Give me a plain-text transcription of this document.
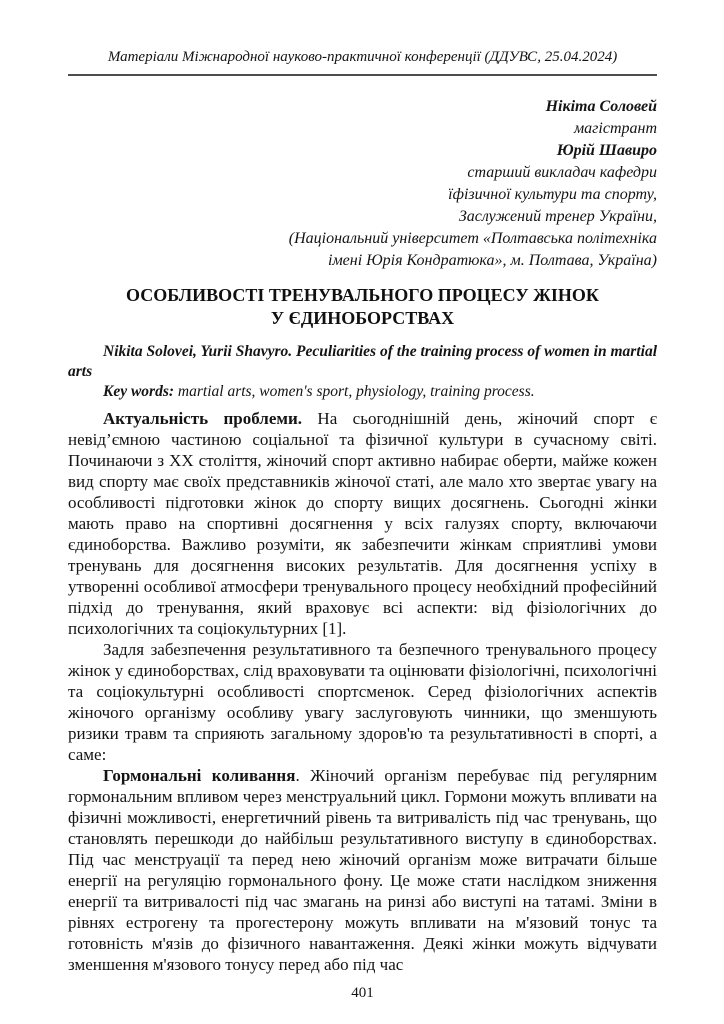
Матеріали Міжнародної науково-практичної конференції (ДДУВС, 25.04.2024)
Нікіта Соловей
магістрант
Юрій Шавиро
старший викладач кафедри
їфізичної культури та спорту,
Заслужений тренер України,
(Національний університет «Полтавська політехніка
імені Юрія Кондратюка», м. Полтава, Україна)
ОСОБЛИВОСТІ ТРЕНУВАЛЬНОГО ПРОЦЕСУ ЖІНОК
У ЄДИНОБОРСТВАХ

Nikita Solovei, Yurii Shavyro. Peculiarities of the training process of women in martial arts

Key words: martial arts, women's sport, physiology, training process.

Актуальність проблеми. На сьогоднішній день, жіночий спорт є невід’ємною частиною соціальної та фізичної культури в сучасному світі. Починаючи з ХХ століття, жіночий спорт активно набирає оберти, майже кожен вид спорту має своїх представників жіночої статі, але мало хто звертає увагу на особливості підготовки жінок до спорту вищих досягнень. Сьогодні жінки мають право на спортивні досягнення у всіх галузях спорту, включаючи єдиноборства. Важливо розуміти, як забезпечити жінкам сприятливі умови тренувань для досягнення високих результатів. Для досягнення успіху в утворенні особливої атмосфери тренувального процесу необхідний професійний підхід до тренування, який враховує всі аспекти: від фізіологічних до психологічних та соціокультурних [1].

Задля забезпечення результативного та безпечного тренувального процесу жінок у єдиноборствах, слід враховувати та оцінювати фізіологічні, психологічні та соціокультурні особливості спортсменок. Серед фізіологічних аспектів жіночого організму особливу увагу заслуговують чинники, що зменшують ризики травм та сприяють загальному здоров'ю та результативності в спорті, а саме:

Гормональні коливання. Жіночий організм перебуває під регулярним гормональним впливом через менструальний цикл. Гормони можуть впливати на фізичні можливості, енергетичний рівень та витривалість під час тренувань, що становлять перешкоди до найбільш результативного виступу в єдиноборствах. Під час менструації та перед нею жіночий організм може витрачати більше енергії на регуляцію гормонального фону. Це може стати наслідком зниження енергії та витривалості під час змагань на ринзі або виступі на татамі. Зміни в рівнях естрогену та прогестерону можуть впливати на м'язовий тонус та готовність м'язів до фізичного навантаження. Деякі жінки можуть відчувати зменшення м'язового тонусу перед або під час

401
